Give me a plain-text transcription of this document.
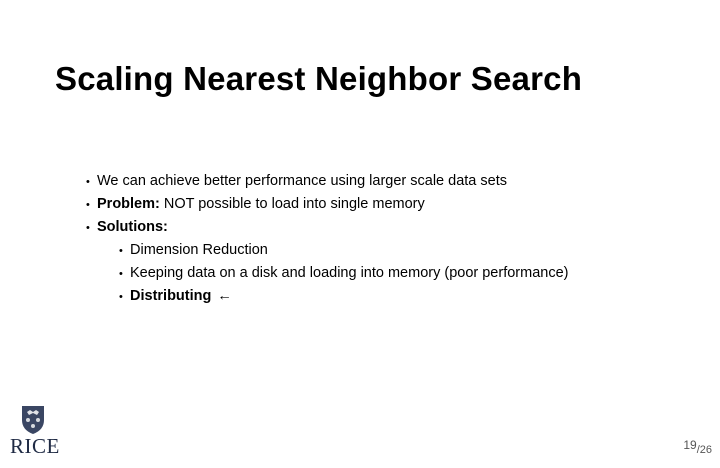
Scaling Nearest Neighbor Search
• We can achieve better performance using larger scale data sets
• Problem: NOT possible to load into single memory
• Solutions:
• Dimension Reduction
• Keeping data on a disk and loading into memory (poor performance)
• Distributing ←
RICE	19/26
